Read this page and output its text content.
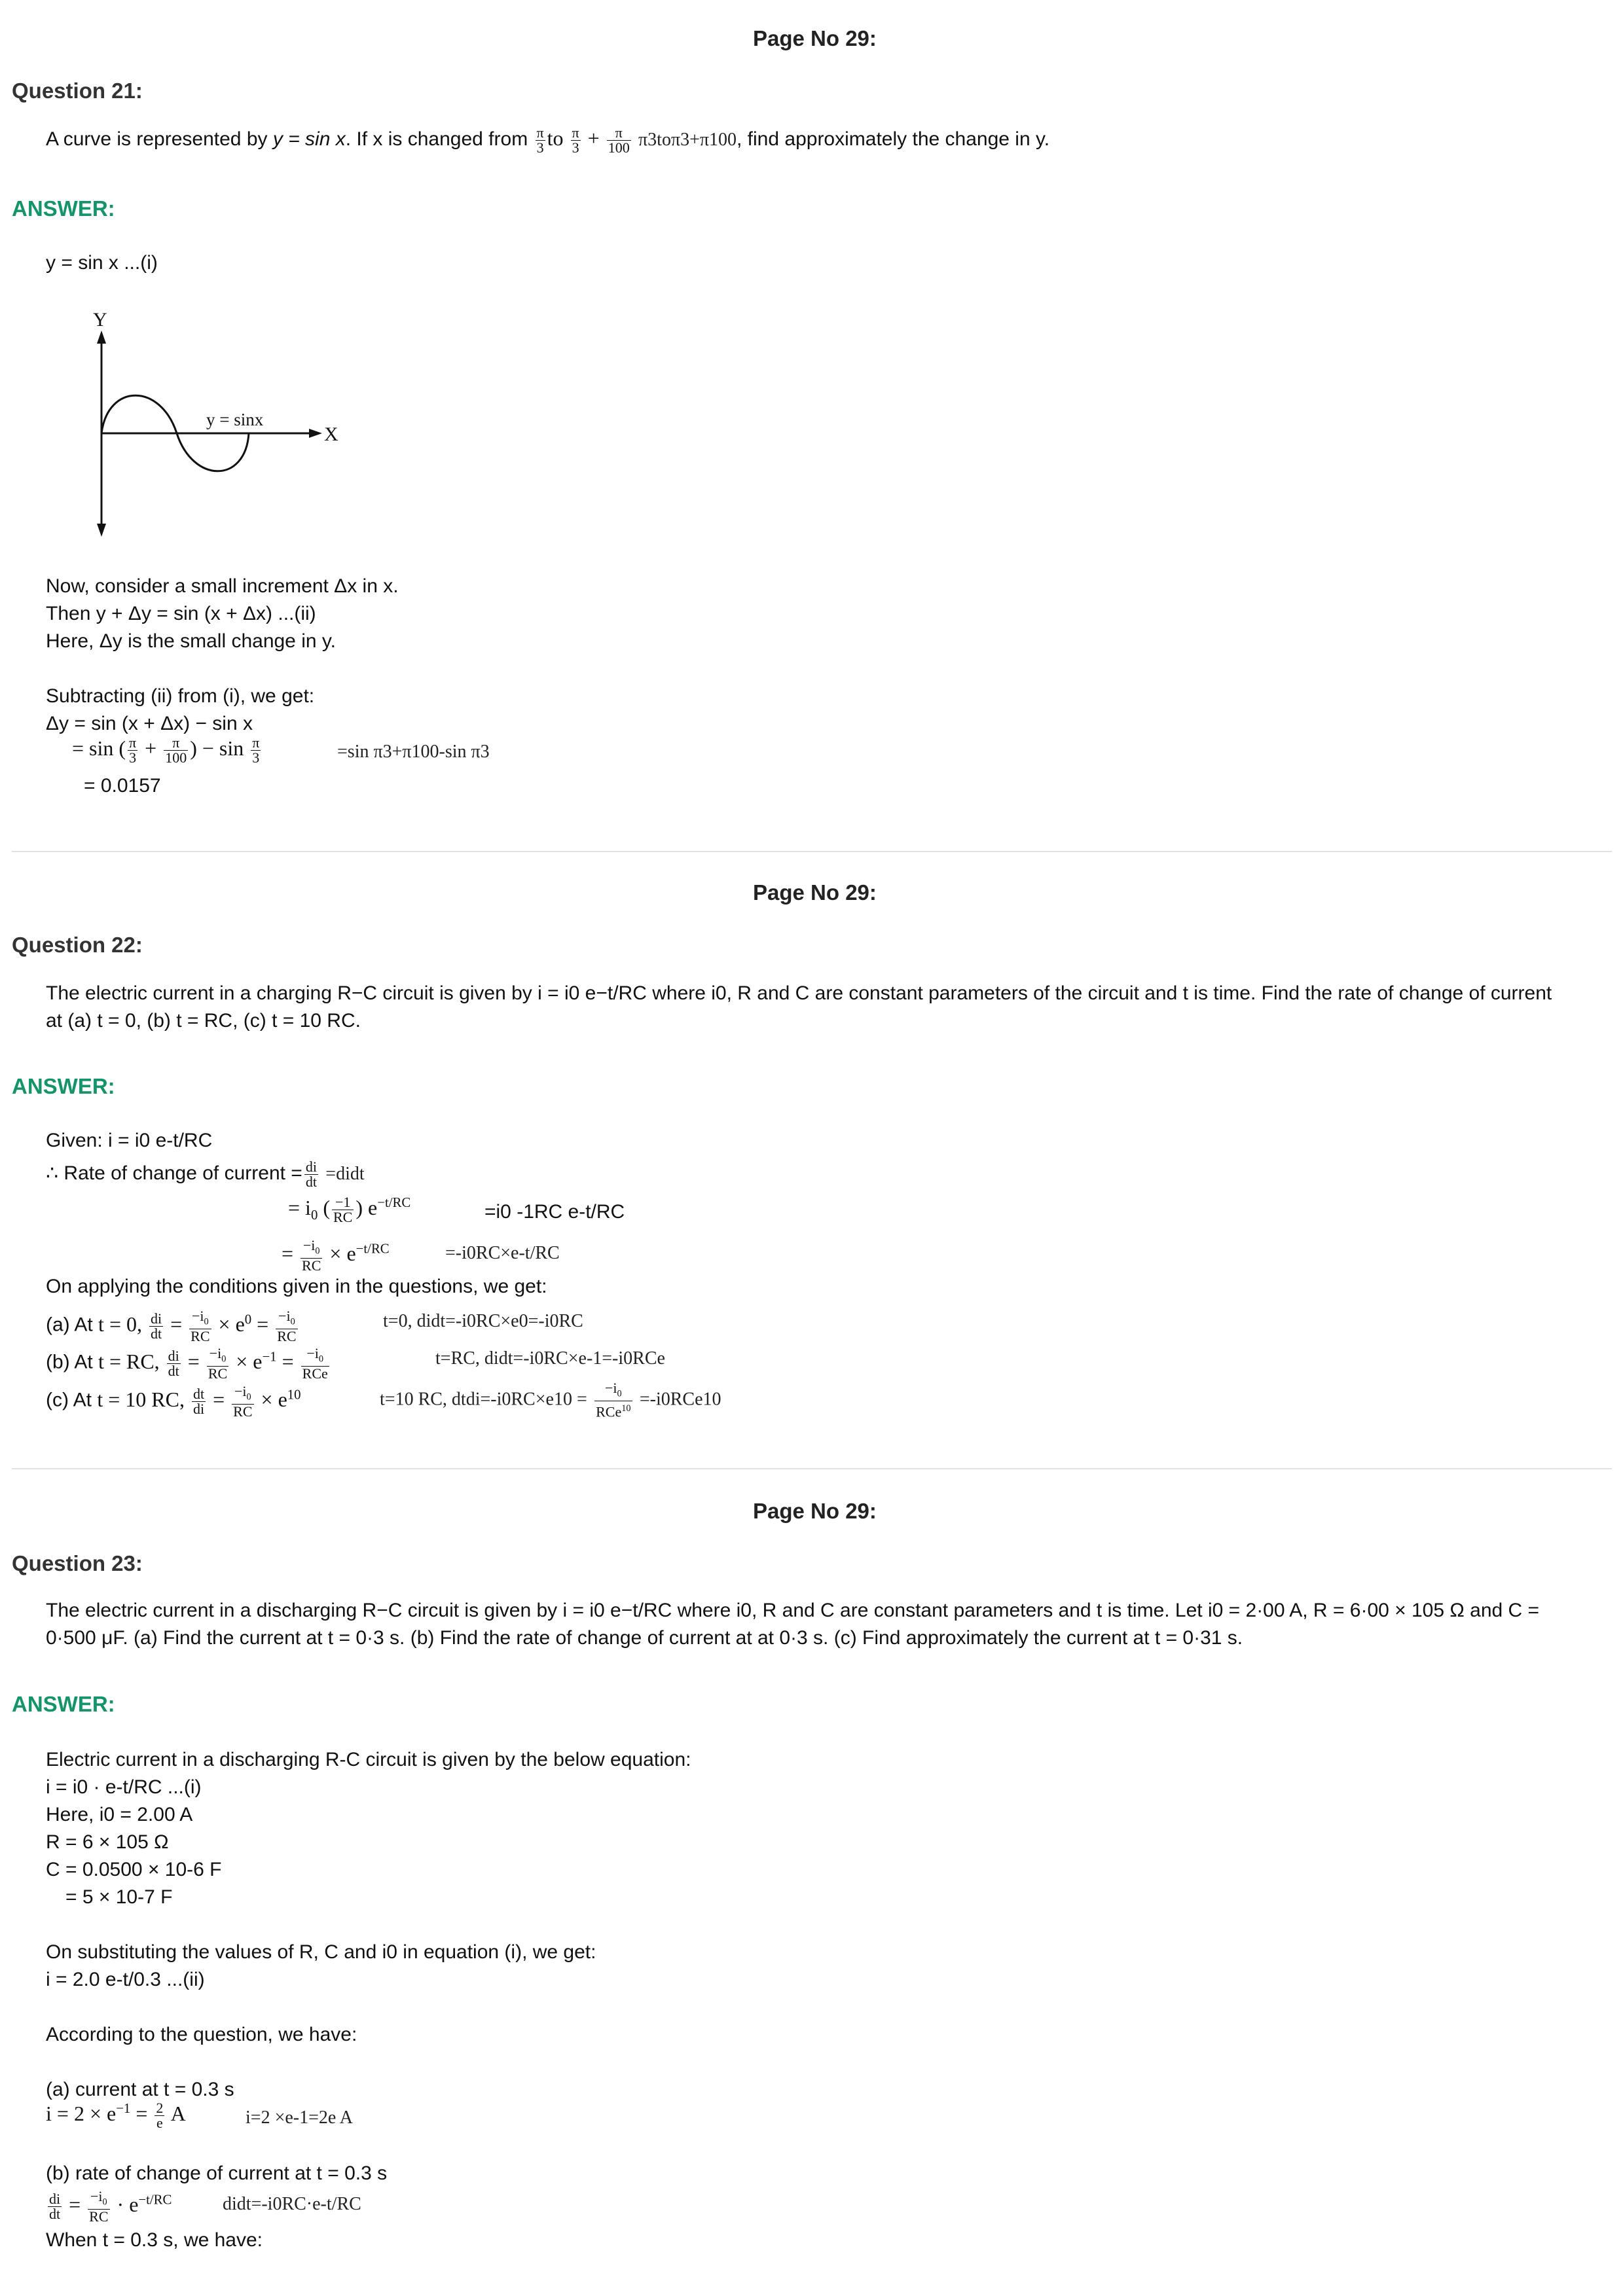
Page No 29:
Question 21:
A curve is represented by y = sin x. If x is changed from $\frac{\pi}{3}$ to $\frac{\pi}{3} + \frac{\pi}{100} \pi 3to\pi 3+\pi 100$, find approximately the change in y.
ANSWER:
y = sin x ...(i)
Y
X
y = sinx
Now, consider a small increment Δx in x.
Then y + Δy = sin (x + Δx) ...(ii)
Here, Δy is the small change in y.
Subtracting (ii) from (i), we get:
Δy = sin (x + Δx) − sin x
= sin ( $\frac{\pi}{3} + \frac{\pi}{100}$ ) − $\sin \frac{\pi}{3}$	=sin π3+π100-sin π3
= 0.0157
Page No 29:
Question 22:
The electric current in a charging R−C circuit is given by i = i0 e−t/RC where i0, R and C are constant parameters of the circuit and t is time. Find the rate of change of current
at (a) t = 0, (b) t = RC, (c) t = 10 RC.
ANSWER:
Given: i = i0 e-t/RC
∴ Rate of change of current = $\frac{di}{dt}$ =didt
= $i_0$ ( $\frac{-1}{RC}$ ) $e^{-t/RC}$	=i0 -1RC e-t/RC
= $\frac{-i_0}{RC} \times e^{-t/RC}$	=-i0RC×e-t/RC
On applying the conditions given in the questions, we get:
(a) At t = 0, $\frac{di}{dt} = \frac{-i_0}{RC} \times e^0 = \frac{-i_0}{RC}$	t=0, didt=-i0RC×e0=-i0RC
(b) At t = RC, $\frac{di}{dt} = \frac{-i_0}{RC} \times e^{-1} = \frac{-i_0}{\text{RCe}}$	t=RC, didt=-i0RC×e-1=-i0RCe
(c) At t = 10 RC, $\frac{dt}{di} = \frac{-i_0}{RC} \times e^{10}$	t=10 RC, dtdi=-i0RC×e10 = $\frac{-i_0}{RCe^{10}} =-i0RCe10$
Page No 29:
Question 23:
The electric current in a discharging R−C circuit is given by i = i0 e−t/RC where i0, R and C are constant parameters and t is time. Let i0 = 2·00 A, R = 6·00 × 105 Ω and C =
0·500 μF. (a) Find the current at t = 0·3 s. (b) Find the rate of change of current at at 0·3 s. (c) Find approximately the current at t = 0·31 s.
ANSWER:
Electric current in a discharging R-C circuit is given by the below equation:
i = i0 · e-t/RC ...(i)
Here, i0 = 2.00 A
R = 6 × 105 Ω
C = 0.0500 × 10-6 F
= 5 × 10-7 F
On substituting the values of R, C and i0 in equation (i), we get:
i = 2.0 e-t/0.3 ...(ii)
According to the question, we have:
(a) current at t = 0.3 s
$i = 2 \times e^{-1} = \frac{2}{e}$ A	i=2 ×e-1=2e A
(b) rate of change of current at t = 0.3 s
$\frac{di}{dt} = \frac{-i_0}{RC} \cdot e^{-t/RC}$	didt=-i0RC·e-t/RC
When t = 0.3 s, we have:
